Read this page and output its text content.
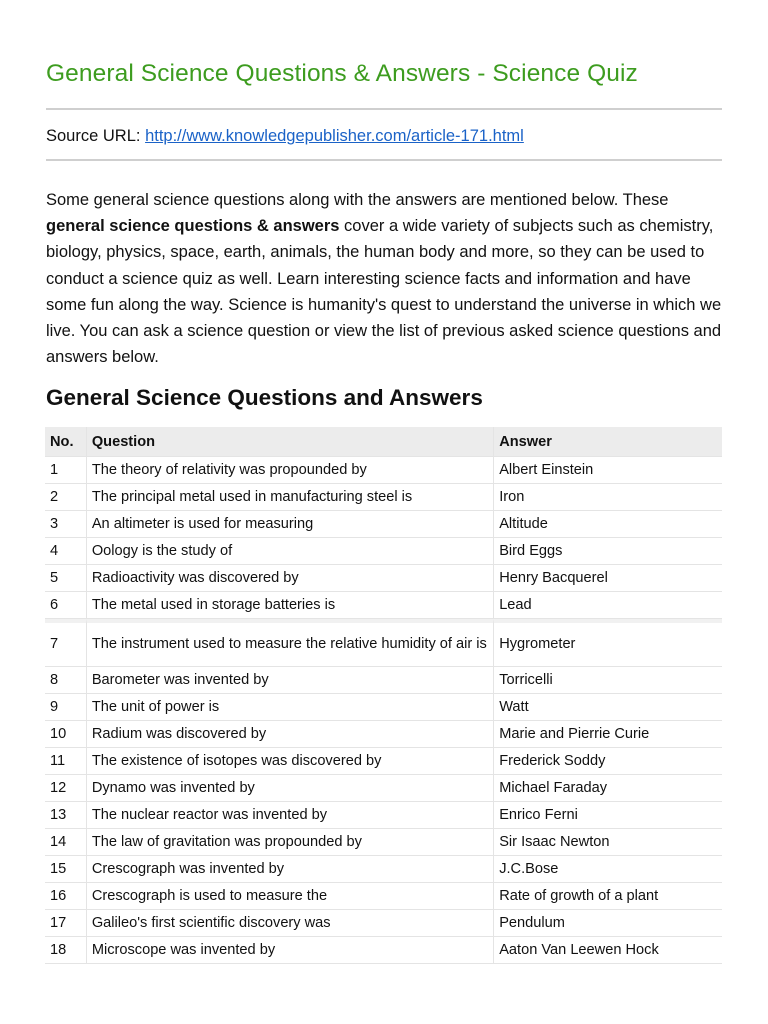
General Science Questions & Answers - Science Quiz
Source URL: http://www.knowledgepublisher.com/article-171.html

Some general science questions along with the answers are mentioned below. These general science questions & answers cover a wide variety of subjects such as chemistry, biology, physics, space, earth, animals, the human body and more, so they can be used to conduct a science quiz as well. Learn interesting science facts and information and have some fun along the way. Science is humanity's quest to understand the universe in which we live. You can ask a science question or view the list of previous asked science questions and answers below.

General Science Questions and Answers
No.	Question	Answer
1	The theory of relativity was propounded by	Albert Einstein
2	The principal metal used in manufacturing steel is	Iron
3	An altimeter is used for measuring	Altitude
4	Oology is the study of	Bird Eggs
5	Radioactivity was discovered by	Henry Bacquerel
6	The metal used in storage batteries is	Lead
7	The instrument used to measure the relative humidity of air is	Hygrometer
8	Barometer was invented by	Torricelli
9	The unit of power is	Watt
10	Radium was discovered by	Marie and Pierrie Curie
11	The existence of isotopes was discovered by	Frederick Soddy
12	Dynamo was invented by	Michael Faraday
13	The nuclear reactor was invented by	Enrico Ferni
14	The law of gravitation was propounded by	Sir Isaac Newton
15	Crescograph was invented by	J.C.Bose
16	Crescograph is used to measure the	Rate of growth of a plant
17	Galileo's first scientific discovery was	Pendulum
18	Microscope was invented by	Aaton Van Leewen Hock
